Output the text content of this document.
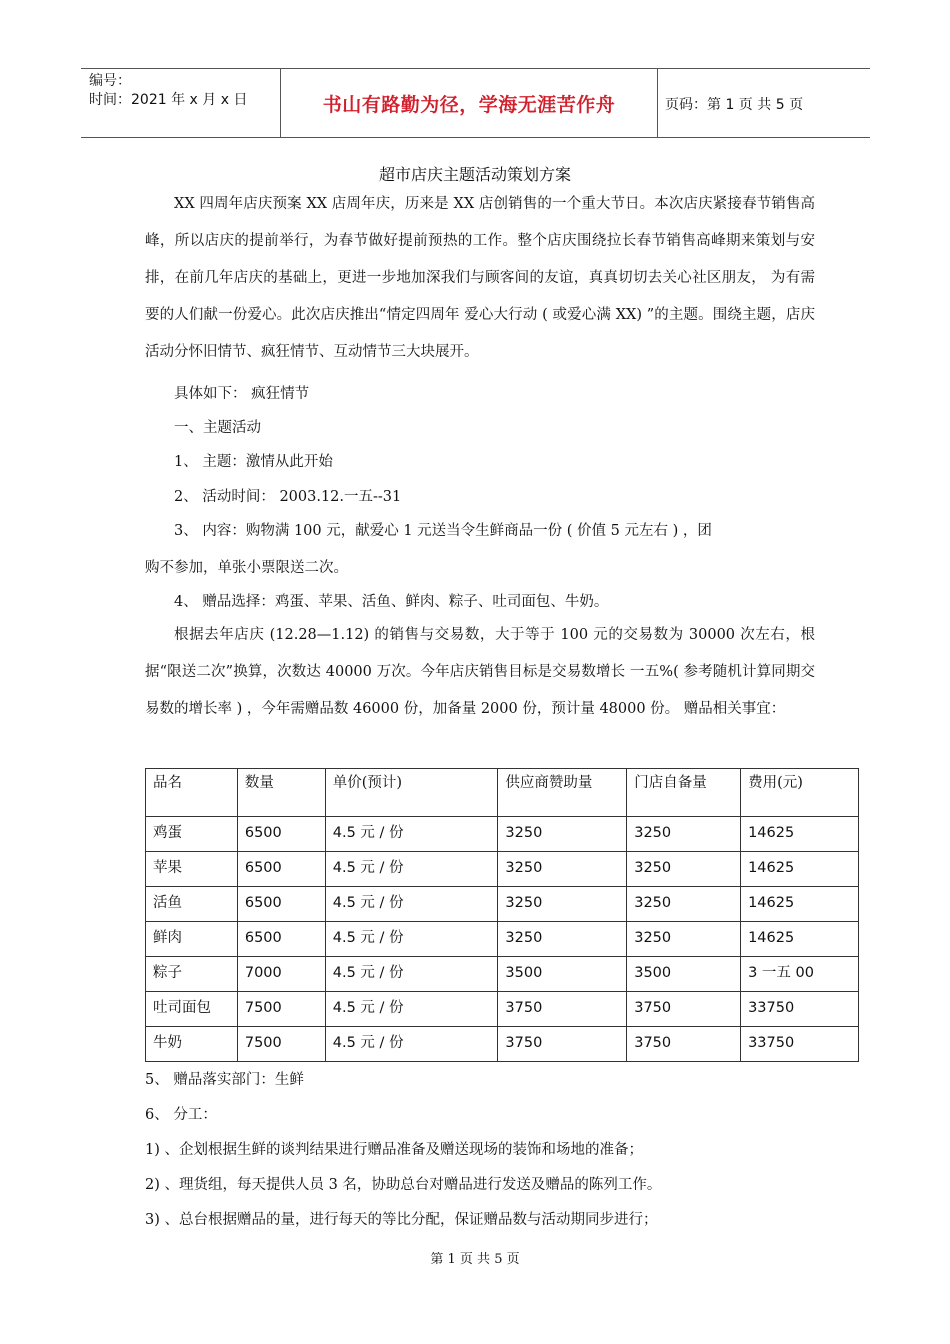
编号：
时间：2021 年 x 月 x 日	书山有路勤为径，学海无涯苦作舟	页码：第 1 页 共 5 页
超市店庆主题活动策划方案
XX 四周年店庆预案 XX 店周年庆，历来是 XX 店创销售的一个重大节日。本次店庆紧接春节销售高峰，所以店庆的提前举行，为春节做好提前预热的工作。整个店庆围绕拉长春节销售高峰期来策划与安排，在前几年店庆的基础上，更进一步地加深我们与顾客间的友谊，真真切切去关心社区朋友， 为有需要的人们献一份爱心。此次店庆推出“情定四周年 爱心大行动 ( 或爱心满 XX) ”的主题。围绕主题，店庆活动分怀旧情节、疯狂情节、互动情节三大块展开。
具体如下： 疯狂情节
一、主题活动
1、 主题：激情从此开始
2、 活动时间： 2003.12.一五--31
3、 内容：购物满 100 元，献爱心 1 元送当令生鲜商品一份 ( 价值 5 元左右 ) ，团
购不参加，单张小票限送二次。
4、 赠品选择：鸡蛋、苹果、活鱼、鲜肉、粽子、吐司面包、牛奶。
根据去年店庆 (12.28—1.12) 的销售与交易数，大于等于 100 元的交易数为 30000 次左右，根据“限送二次”换算，次数达 40000 万次。今年店庆销售目标是交易数增长 一五%( 参考随机计算同期交易数的增长率 ) ，今年需赠品数 46000 份，加备量 2000 份，预计量 48000 份。 赠品相关事宜：
品名	数量	单价(预计)	供应商赞助量	门店自备量	费用(元)
鸡蛋	6500	4.5 元 / 份	3250	3250	14625
苹果	6500	4.5 元 / 份	3250	3250	14625
活鱼	6500	4.5 元 / 份	3250	3250	14625
鲜肉	6500	4.5 元 / 份	3250	3250	14625
粽子	7000	4.5 元 / 份	3500	3500	3 一五 00
吐司面包	7500	4.5 元 / 份	3750	3750	33750
牛奶	7500	4.5 元 / 份	3750	3750	33750
5、 赠品落实部门：生鲜
6、 分工：
1) 、企划根据生鲜的谈判结果进行赠品准备及赠送现场的装饰和场地的准备；
2) 、理货组，每天提供人员 3 名，协助总台对赠品进行发送及赠品的陈列工作。
3) 、总台根据赠品的量，进行每天的等比分配，保证赠品数与活动期同步进行；
第 1 页 共 5 页
